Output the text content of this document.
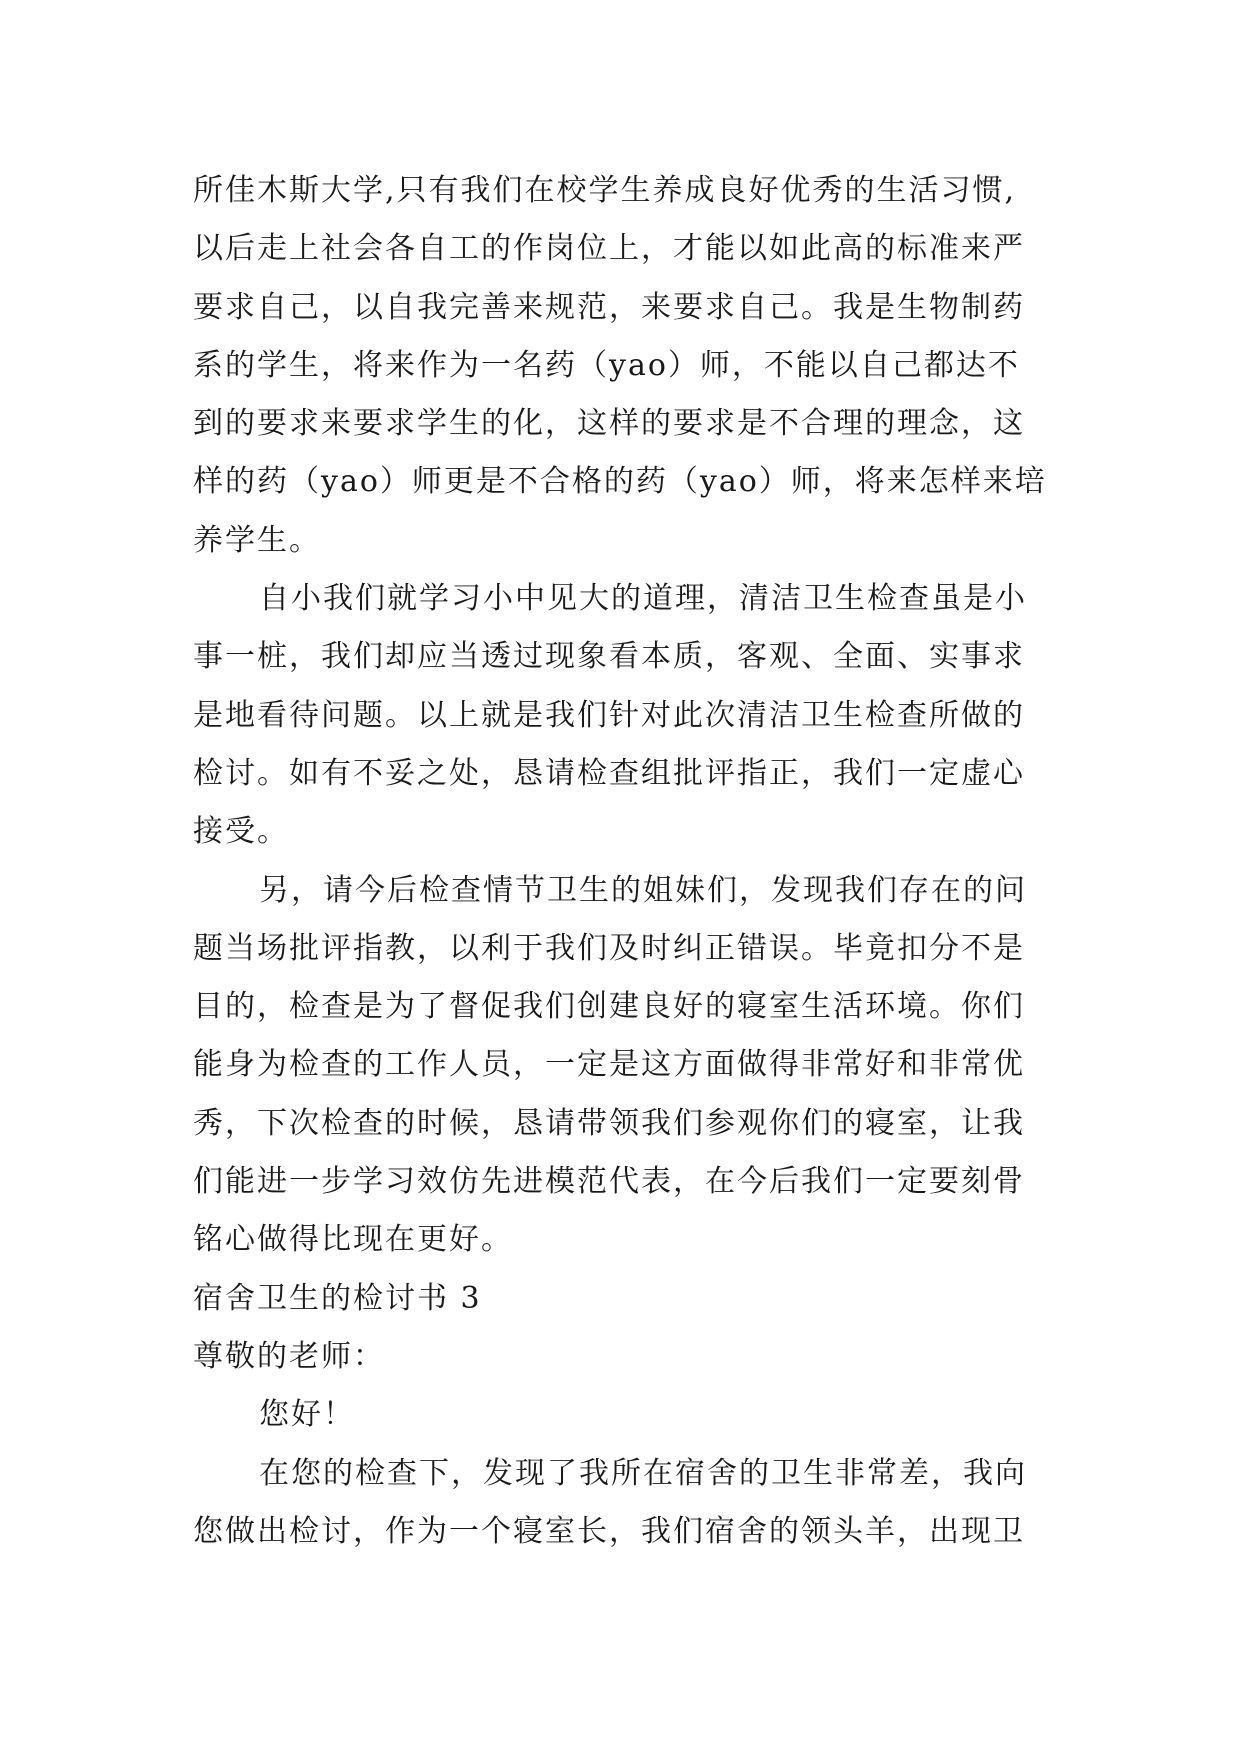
所佳木斯大学,只有我们在校学生养成良好优秀的生活习惯,
以后走上社会各自工的作岗位上，才能以如此高的标准来严
要求自己，以自我完善来规范，来要求自己。我是生物制药
系的学生，将来作为一名药（yao）师，不能以自己都达不
到的要求来要求学生的化，这样的要求是不合理的理念，这
样的药（yao）师更是不合格的药（yao）师，将来怎样来培
养学生。
自小我们就学习小中见大的道理，清洁卫生检查虽是小
事一桩，我们却应当透过现象看本质，客观、全面、实事求
是地看待问题。以上就是我们针对此次清洁卫生检查所做的
检讨。如有不妥之处，恳请检查组批评指正，我们一定虚心
接受。
另，请今后检查情节卫生的姐妹们，发现我们存在的问
题当场批评指教，以利于我们及时纠正错误。毕竟扣分不是
目的，检查是为了督促我们创建良好的寝室生活环境。你们
能身为检查的工作人员，一定是这方面做得非常好和非常优
秀，下次检查的时候，恳请带领我们参观你们的寝室，让我
们能进一步学习效仿先进模范代表，在今后我们一定要刻骨
铭心做得比现在更好。
宿舍卫生的检讨书 3
尊敬的老师：
您好！
在您的检查下，发现了我所在宿舍的卫生非常差，我向
您做出检讨，作为一个寝室长，我们宿舍的领头羊，出现卫
